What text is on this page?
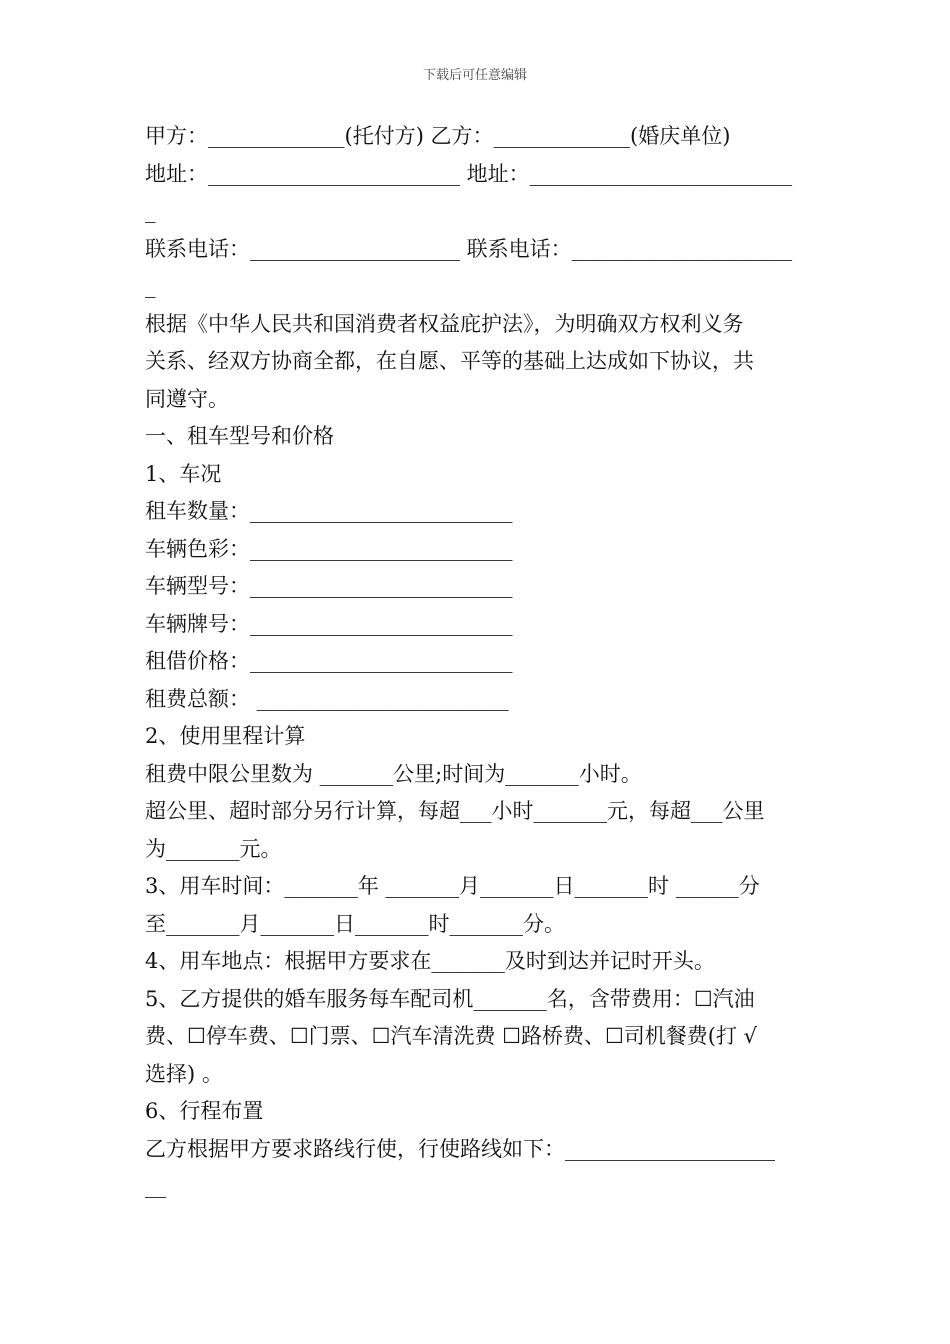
下载后可任意编辑

甲方：_____________(托付方) 乙方：_____________(婚庆单位)

地址：________________________ 地址：_________________________

_

联系电话：____________________ 联系电话：_____________________

_

根据《中华人民共和国消费者权益庇护法》，为明确双方权利义务

关系、经双方协商全都，在自愿、平等的基础上达成如下协议，共

同遵守。

一、租车型号和价格

1、车况

租车数量：_________________________

车辆色彩：_________________________

车辆型号：_________________________

车辆牌号：_________________________

租借价格：_________________________

租费总额： ________________________

2、使用里程计算

租费中限公里数为 _______公里;时间为_______小时。

超公里、超时部分另行计算，每超___小时_______元，每超___公里

为_______元。

3、用车时间：_______年 _______月_______日_______时 ______分

至_______月_______日_______时_______分。

4、用车地点：根据甲方要求在_______及时到达并记时开头。

5、乙方提供的婚车服务每车配司机_______名，含带费用：☐汽油

费、☐停车费、☐门票、☐汽车清洗费 ☐路桥费、☐司机餐费(打 √

选择) 。

6、行程布置

乙方根据甲方要求路线行使，行使路线如下：____________________

__
